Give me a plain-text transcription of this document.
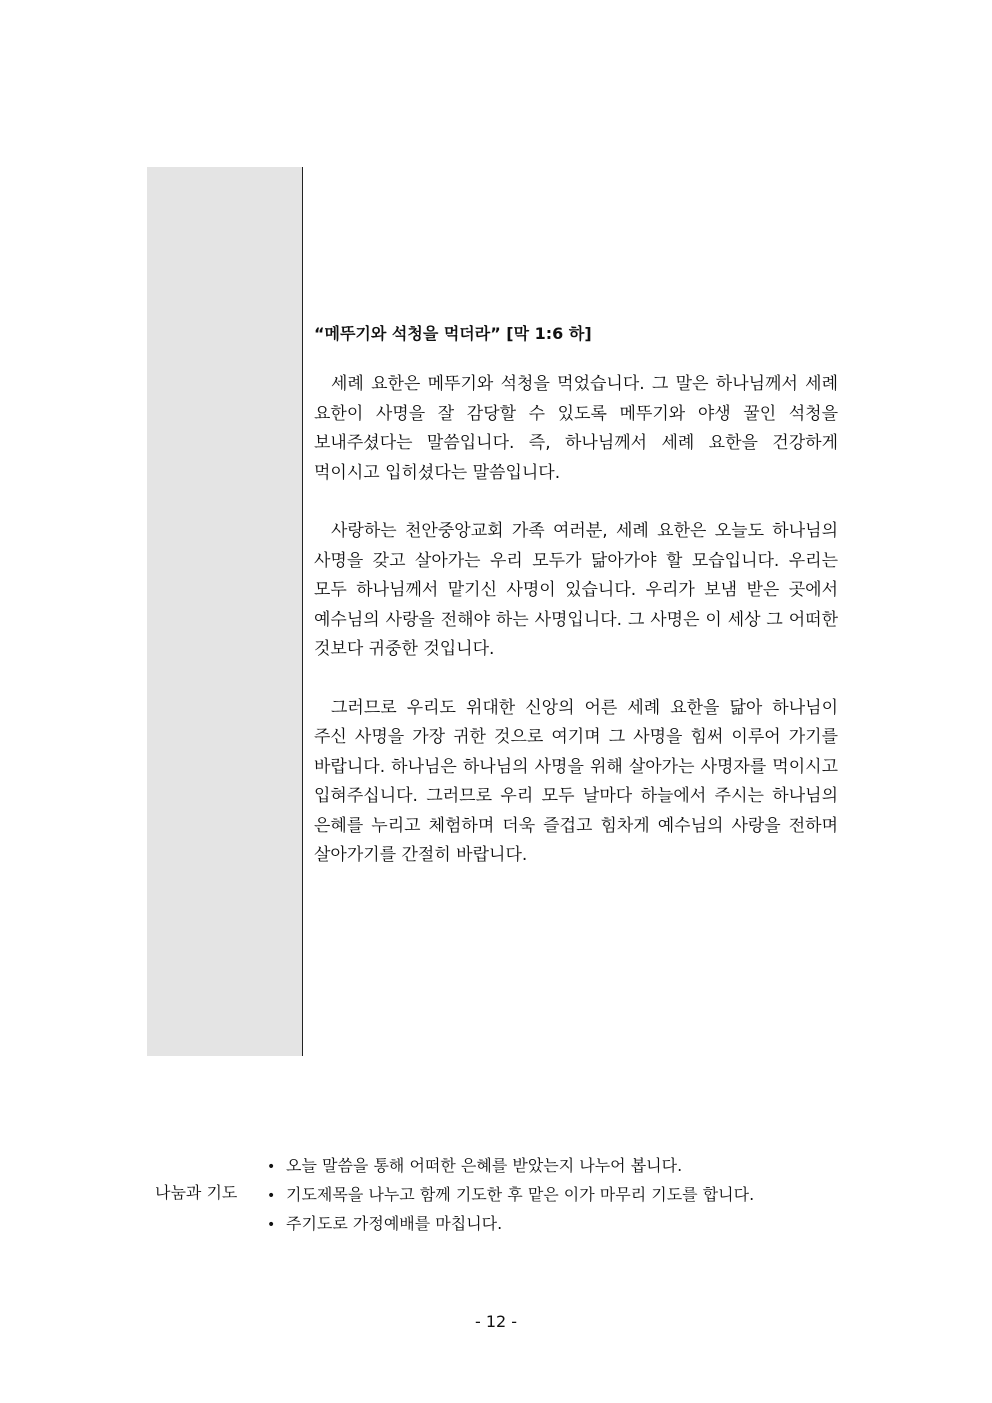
“메뚜기와 석청을 먹더라” [막 1:6 하]

세례 요한은 메뚜기와 석청을 먹었습니다. 그 말은 하나님께서 세례 요한이 사명을 잘 감당할 수 있도록 메뚜기와 야생 꿀인 석청을 보내주셨다는 말씀입니다. 즉, 하나님께서 세례 요한을 건강하게 먹이시고 입히셨다는 말씀입니다.

사랑하는 천안중앙교회 가족 여러분, 세례 요한은 오늘도 하나님의 사명을 갖고 살아가는 우리 모두가 닮아가야 할 모습입니다. 우리는 모두 하나님께서 맡기신 사명이 있습니다. 우리가 보냄 받은 곳에서 예수님의 사랑을 전해야 하는 사명입니다. 그 사명은 이 세상 그 어떠한 것보다 귀중한 것입니다.

그러므로 우리도 위대한 신앙의 어른 세례 요한을 닮아 하나님이 주신 사명을 가장 귀한 것으로 여기며 그 사명을 힘써 이루어 가기를 바랍니다. 하나님은 하나님의 사명을 위해 살아가는 사명자를 먹이시고 입혀주십니다. 그러므로 우리 모두 날마다 하늘에서 주시는 하나님의 은혜를 누리고 체험하며 더욱 즐겁고 힘차게 예수님의 사랑을 전하며 살아가기를 간절히 바랍니다.

나눔과 기도
• 오늘 말씀을 통해 어떠한 은혜를 받았는지 나누어 봅니다.
• 기도제목을 나누고 함께 기도한 후 맡은 이가 마무리 기도를 합니다.
• 주기도로 가정예배를 마칩니다.
- 12 -
